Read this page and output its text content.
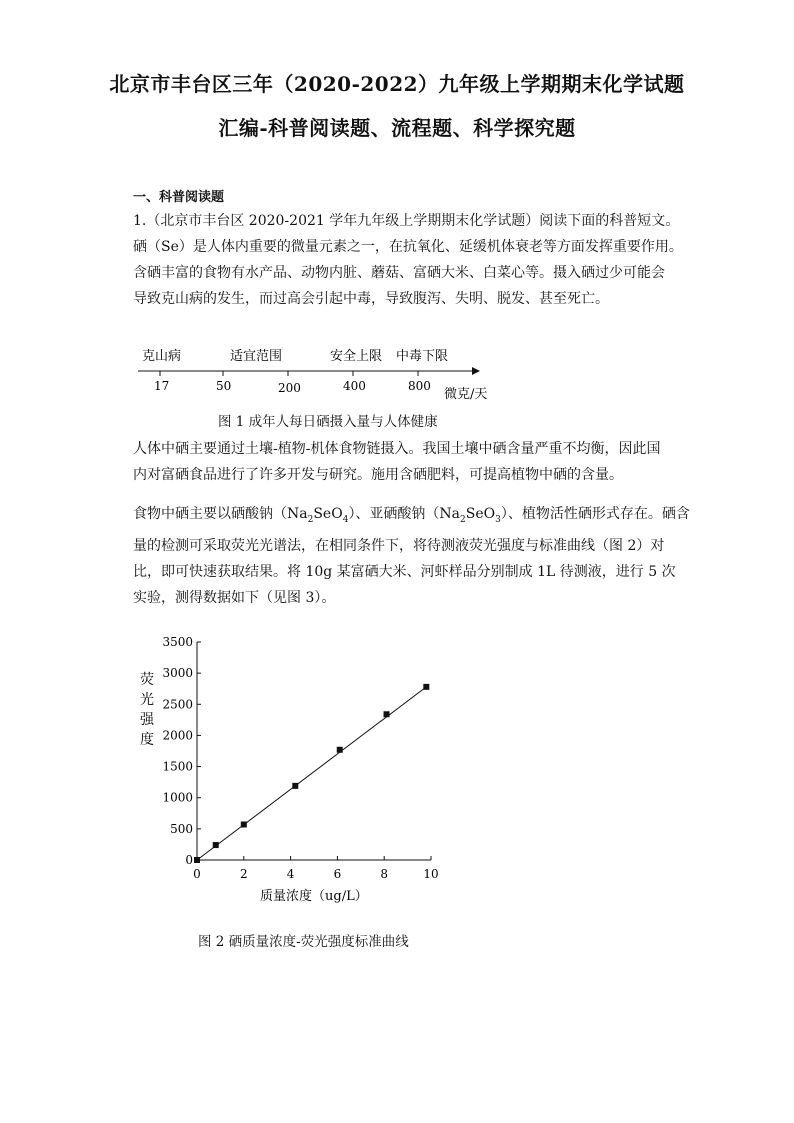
北京市丰台区三年（2020-2022）九年级上学期期末化学试题
汇编-科普阅读题、流程题、科学探究题
一、科普阅读题

1.（北京市丰台区 2020-2021 学年九年级上学期期末化学试题）阅读下面的科普短文。

硒（Se）是人体内重要的微量元素之一，在抗氧化、延缓机体衰老等方面发挥重要作用。

含硒丰富的食物有水产品、动物内脏、蘑菇、富硒大米、白菜心等。摄入硒过少可能会

导致克山病的发生，而过高会引起中毒，导致腹泻、失明、脱发、甚至死亡。

克山病	适宜范围	安全上限 中毒下限
17	50	200	400	800
微克/天
图 1 成年人每日硒摄入量与人体健康

人体中硒主要通过土壤-植物-机体食物链摄入。我国土壤中硒含量严重不均衡，因此国

内对富硒食品进行了许多开发与研究。施用含硒肥料，可提高植物中硒的含量。

食物中硒主要以硒酸钠$(Na_2SeO_4)$、亚硒酸钠$(Na_2SeO_3)$、植物活性硒形式存在。硒含

量的检测可采取荧光光谱法，在相同条件下，将待测液荧光强度与标准曲线（图 2）对

比，即可快速获取结果。将 10g 某富硒大米、河虾样品分别制成 1L 待测液，进行 5 次

实验，测得数据如下（见图 3）。

荧
光
强
度
质量浓度（ug/L）
0
500
1000
1500
2000
2500
3000
3500
0	2	4	6	8	10
图 2 硒质量浓度-荧光强度标准曲线
